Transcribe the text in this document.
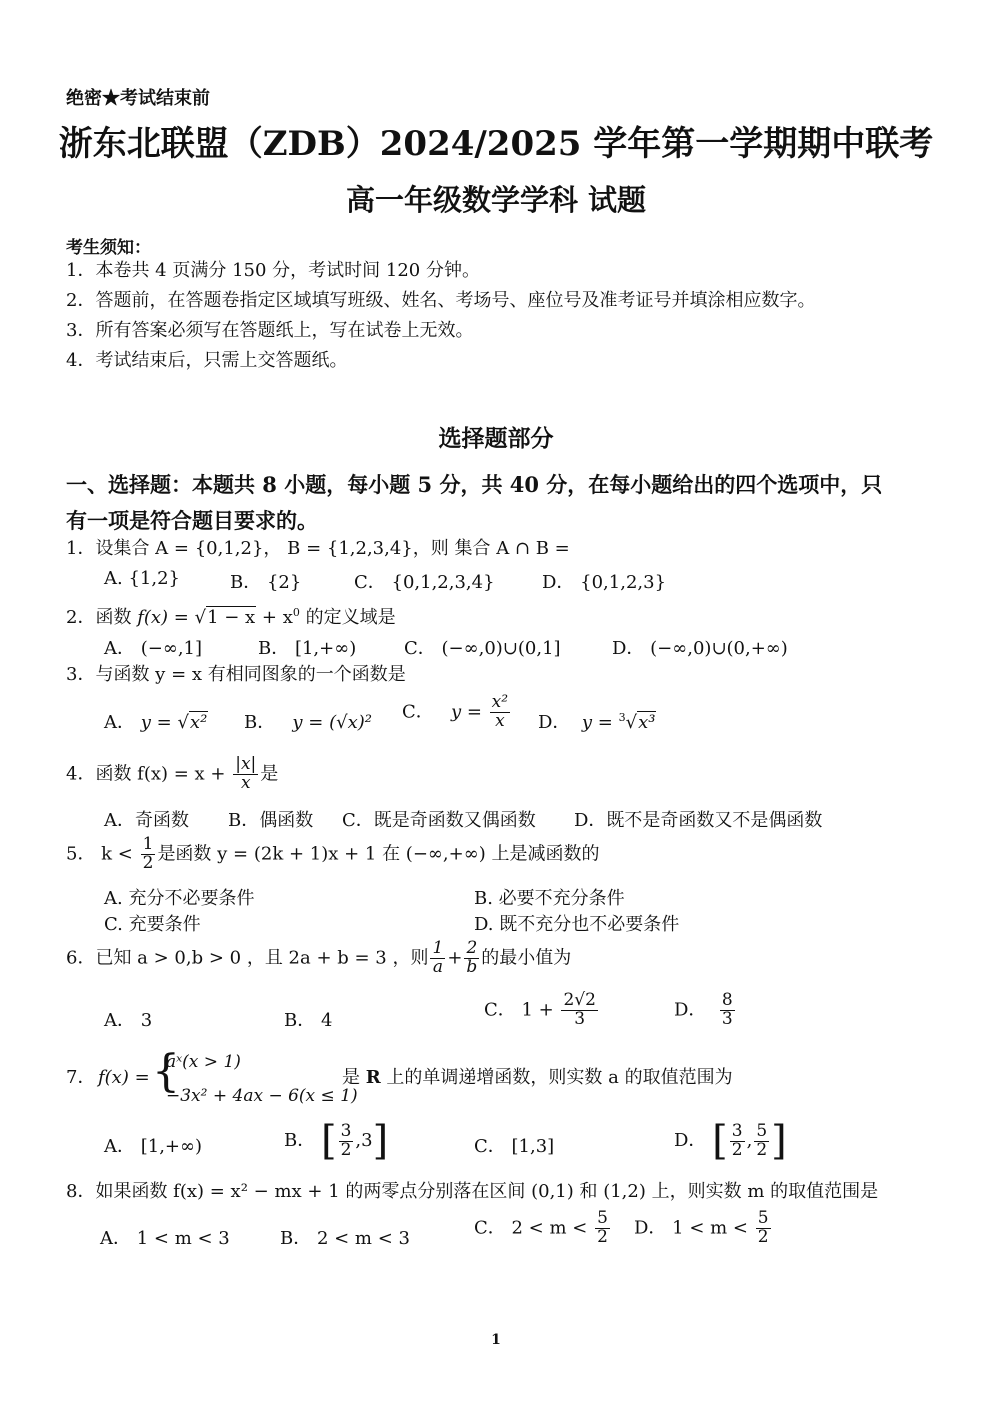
绝密★考试结束前
浙东北联盟（ZDB）2024/2025 学年第一学期期中联考
高一年级数学学科 试题
考生须知：
1．本卷共 4 页满分 150 分，考试时间 120 分钟。
2．答题前，在答题卷指定区域填写班级、姓名、考场号、座位号及准考证号并填涂相应数字。
3．所有答案必须写在答题纸上，写在试卷上无效。
4．考试结束后，只需上交答题纸。
选择题部分
一、选择题：本题共 8 小题，每小题 5 分，共 40 分，在每小题给出的四个选项中，只
有一项是符合题目要求的。
1．设集合 A = {0,1,2}， B = {1,2,3,4}，则 集合 A ∩ B =
A. {1,2}	B． {2}	C． {0,1,2,3,4}	D． {0,1,2,3}
2．函数 $f(x) = √1 - x + x^0$ 的定义域是
A． (−∞,1]	B． [1,+∞)	C． (−∞,0)∪(0,1]	D． (−∞,0)∪(0,+∞)
3．与函数 y = x 有相同图象的一个函数是
A． y = √x² B． y = (√x)²
C． $y = \frac{\text{x²}}{x}$ D． y = $^3$√x³
4．函数 $f(x) = x + \frac{|x|}{x}$ 是
A．奇函数 B．偶函数 C．既是奇函数又偶函数 D．既不是奇函数又不是偶函数
5． $k < \frac{1}{2}$ 是函数 y = (2k + 1)x + 1 在 (−∞,+∞) 上是减函数的
A. 充分不必要条件	B. 必要不充分条件
C. 充要条件	D. 既不充分也不必要条件
6．已知 a > 0,b > 0 ，且 2a + b = 3 ，则 $\frac{1}{a} + \frac{2}{b}$ 的最小值为
A． 3	B． 4
C． $1 + \frac{2√2}{3}$	D． $\frac{8}{3}$
7． f(x) = {
aˣ(x > 1)
−3x² + 4ax − 6(x ≤ 1)
是 R 上的单调递增函数，则实数 a 的取值范围为
A． [1,+∞)	B． [ $\frac{3}{2} ,3$]	C． [1,3]	D． [ $\frac{3}{2}$ , $\frac{5}{2}$ ]
8．如果函数 f(x) = x² − mx + 1 的两零点分别落在区间 (0,1) 和 (1,2) 上，则实数 m 的取值范围是
A． 1 < m < 3	B． 2 < m < 3
C． $2 < m < \frac{5}{2}$ D． $1 < m < \frac{5}{2}$
1
